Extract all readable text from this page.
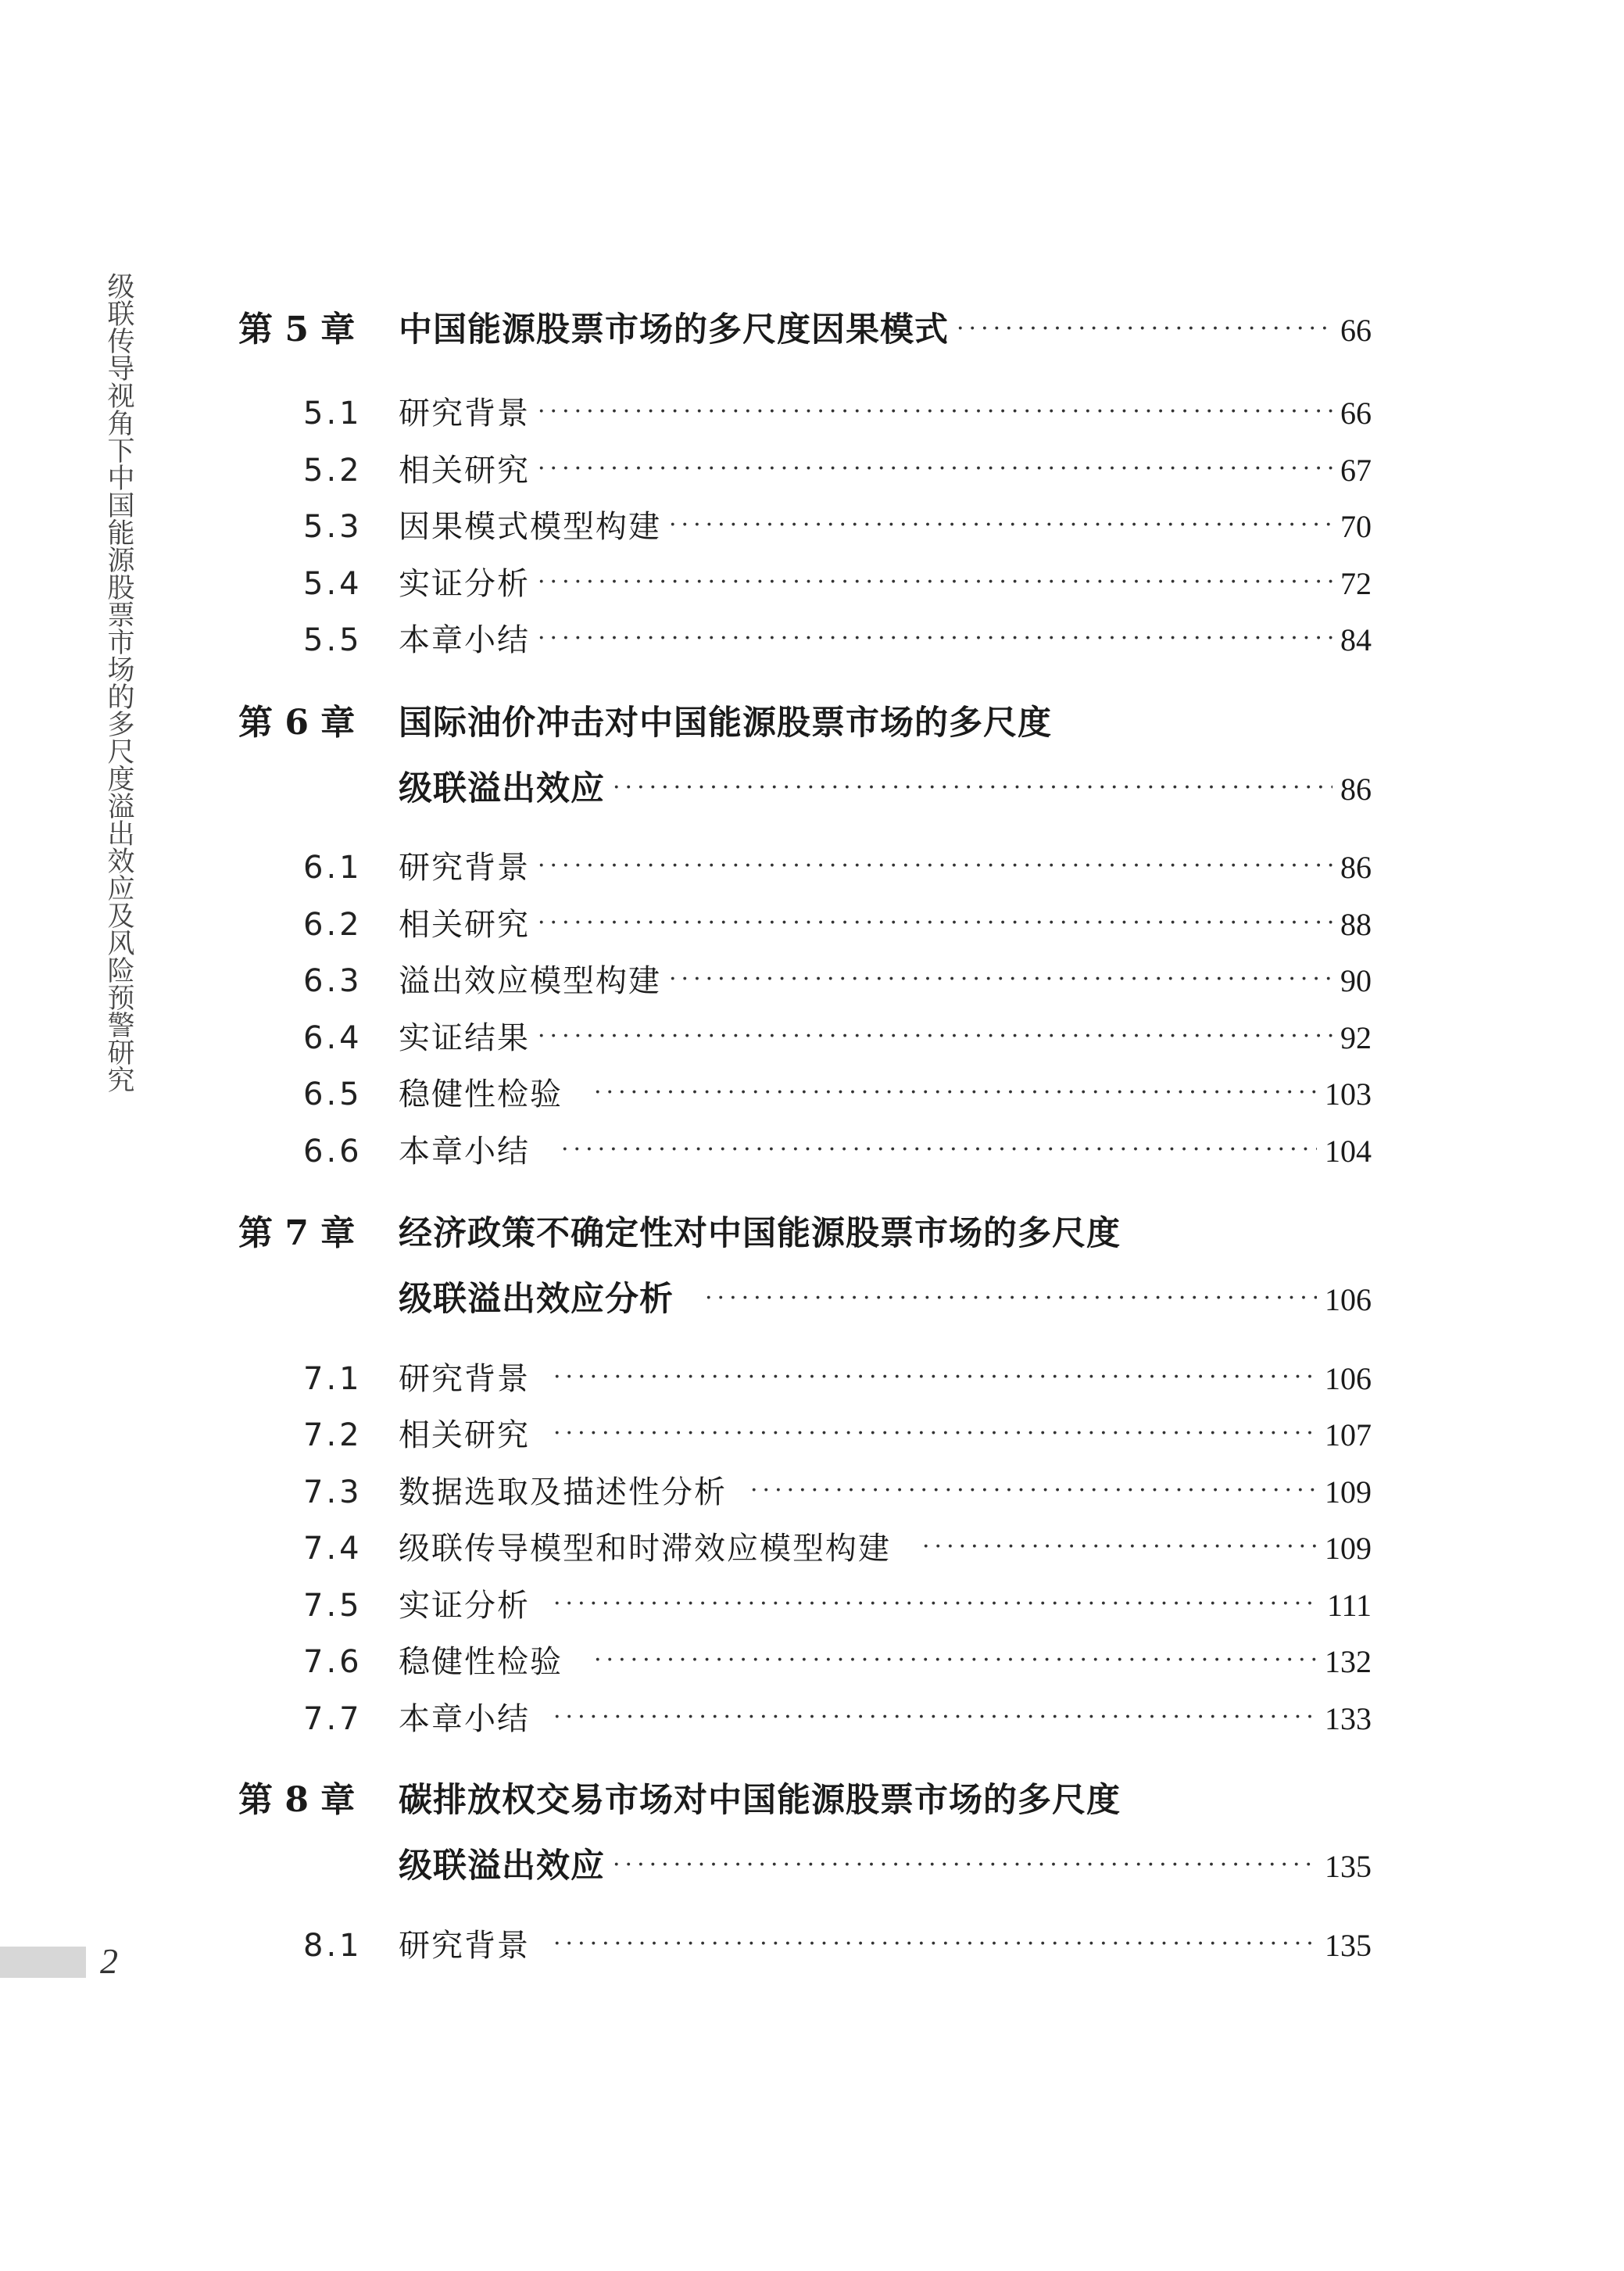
级联传导视角下中国能源股票市场的多尺度溢出效应及风险预警研究
2
第 5 章	中国能源股票市场的多尺度因果模式 ·····	66
5.1	研究背景 ·····	66
5.2	相关研究 ·····	67
5.3	因果模式模型构建 ·····	70
5.4	实证分析 ·····	72
5.5	本章小结 ·····	84
第 6 章	国际油价冲击对中国能源股票市场的多尺度
级联溢出效应 ·····	86
6.1	研究背景 ·····	86
6.2	相关研究 ·····	88
6.3	溢出效应模型构建 ·····	90
6.4	实证结果 ·····	92
6.5	稳健性检验 ·····	103
6.6	本章小结 ·····	104
第 7 章	经济政策不确定性对中国能源股票市场的多尺度
级联溢出效应分析 ·····	106
7.1	研究背景 ·····	106
7.2	相关研究 ·····	107
7.3	数据选取及描述性分析 ·····	109
7.4	级联传导模型和时滞效应模型构建 ·····	109
7.5	实证分析 ·····	111
7.6	稳健性检验 ·····	132
7.7	本章小结 ·····	133
第 8 章	碳排放权交易市场对中国能源股票市场的多尺度
级联溢出效应 ·····	135
8.1	研究背景 ·····	135
